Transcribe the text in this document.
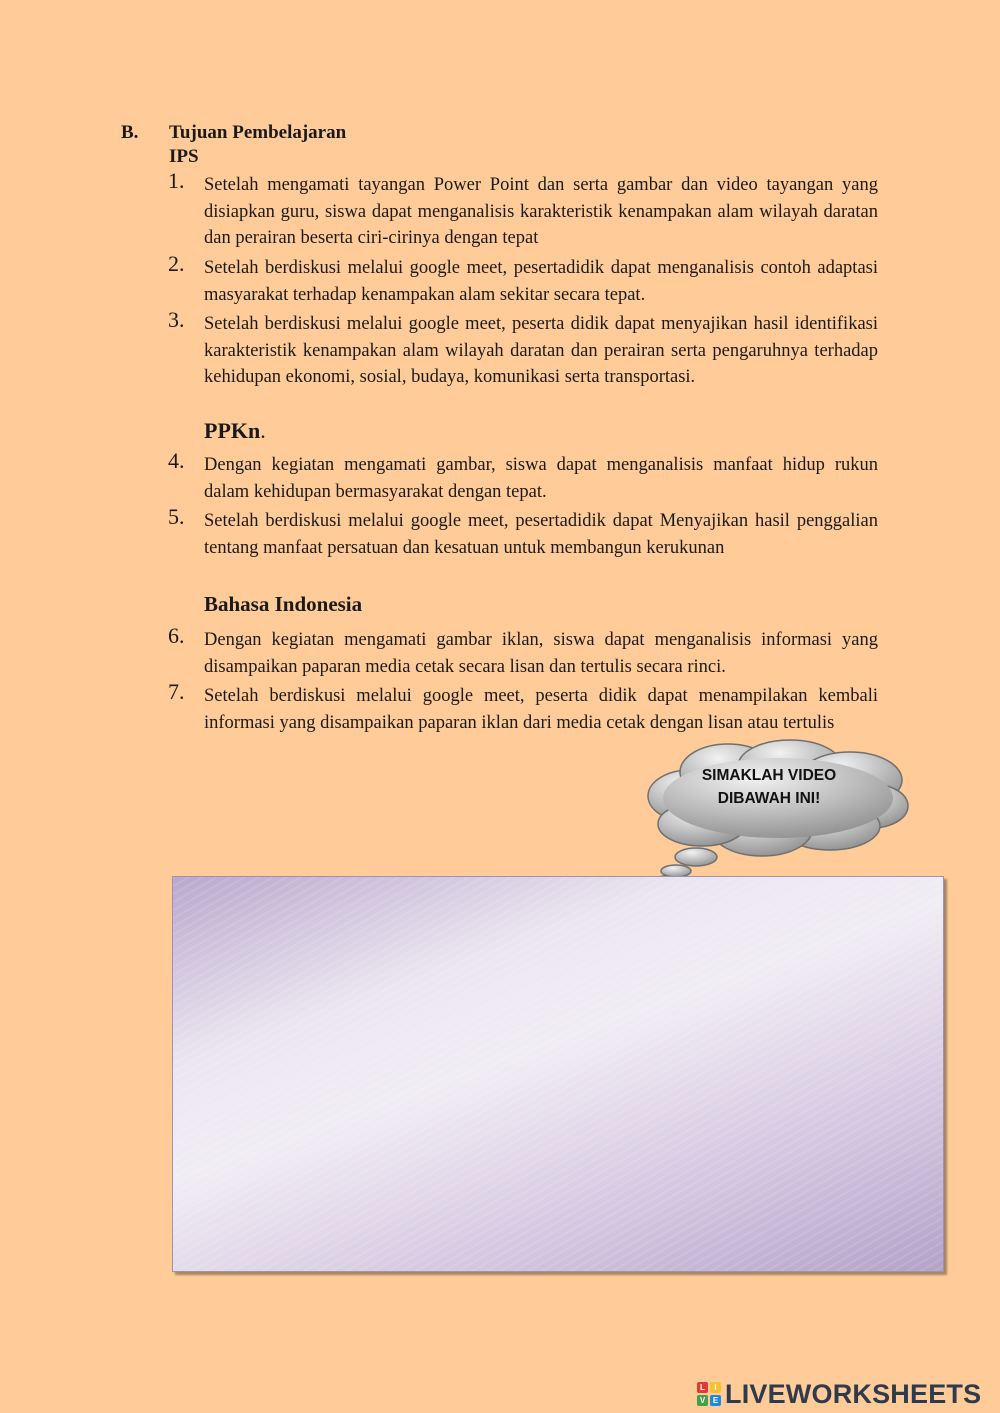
B. Tujuan Pembelajaran
IPS
1. Setelah mengamati tayangan Power Point dan serta gambar dan video tayangan yang disiapkan guru, siswa dapat menganalisis karakteristik kenampakan alam wilayah daratan dan perairan beserta ciri-cirinya dengan tepat
2. Setelah berdiskusi melalui google meet, pesertadidik dapat menganalisis contoh adaptasi masyarakat terhadap kenampakan alam sekitar secara tepat.
3. Setelah berdiskusi melalui google meet, peserta didik dapat menyajikan hasil identifikasi karakteristik kenampakan alam wilayah daratan dan perairan serta pengaruhnya terhadap kehidupan ekonomi, sosial, budaya, komunikasi serta transportasi.
PPKn.
4. Dengan kegiatan mengamati gambar, siswa dapat menganalisis manfaat hidup rukun dalam kehidupan bermasyarakat dengan tepat.
5. Setelah berdiskusi melalui google meet, pesertadidik dapat Menyajikan hasil penggalian tentang manfaat persatuan dan kesatuan untuk membangun kerukunan
Bahasa Indonesia
6. Dengan kegiatan mengamati gambar iklan, siswa dapat menganalisis informasi yang disampaikan paparan media cetak secara lisan dan tertulis secara rinci.
7. Setelah berdiskusi melalui google meet, peserta didik dapat menampilakan kembali informasi yang disampaikan paparan iklan dari media cetak dengan lisan atau tertulis
SIMAKLAH VIDEO
DIBAWAH INI!
L	I
V E LIVEWORKSHEETS
